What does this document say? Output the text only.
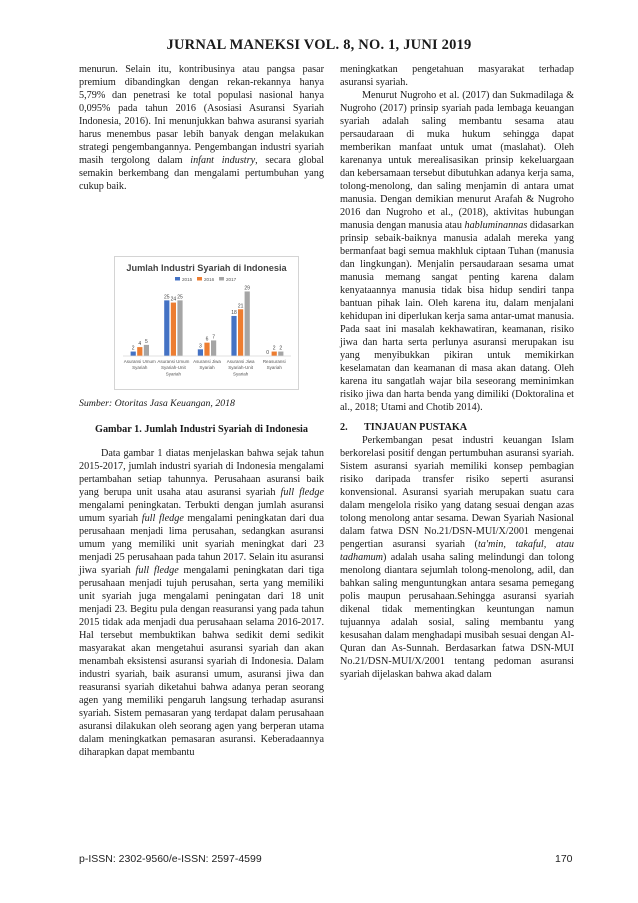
JURNAL MANEKSI VOL. 8, NO. 1, JUNI 2019

menurun. Selain itu, kontribusinya atau pangsa pasar premium dibandingkan dengan rekan-rekannya hanya 5,79% dan penetrasi ke total populasi nasional hanya 0,095% pada tahun 2016 (Asosiasi Asuransi Syariah Indonesia, 2016). Ini menunjukkan bahwa asuransi syariah harus menembus pasar lebih banyak dengan melakukan strategi pengembangannya. Pengembangan industri syariah masih tergolong dalam infant industry, secara global semakin berkembang dan mengalami pertumbuhan yang cukup baik.

Jumlah Industri Syariah di Indonesia
2015	2016	2017
2
4 5
25 24 25
3
6 7
18
21
29
0
2 2
Asuransi Umum
Syariah
Asuransi Umum
Syariah-Unit
Syariah
Asuransi Jiwa
Syariah
Asuransi Jiwa
Syariah-Unit
Syariah
Reasuransi
Syariah
Sumber: Otoritas Jasa Keuangan, 2018
Gambar 1. Jumlah Industri Syariah di Indonesia

Data gambar 1 diatas menjelaskan bahwa sejak tahun 2015-2017, jumlah industri syariah di Indonesia mengalami pertambahan setiap tahunnya. Perusahaan asuransi baik yang berupa unit usaha atau asuransi syariah full fledge mengalami peningkatan. Terbukti dengan jumlah asuransi umum syariah full fledge mengalami peningkatan dari dua perusahaan menjadi lima perusahan, sedangkan asuransi umum yang memiliki unit syariah meningkat dari 23 menjadi 25 perusahaan pada tahun 2017. Selain itu asuransi jiwa syariah full fledge mengalami peningkatan dari tiga perusahaan menjadi tujuh perusahan, serta yang memiliki unit syariah juga mengalami peningatan dari 18 unit menjadi 23. Begitu pula dengan reasuransi yang pada tahun 2015 tidak ada menjadi dua perusahaan selama 2016-2017. Hal tersebut membuktikan bahwa sedikit demi sedikit masyarakat akan mengetahui asuransi syariah dan akan menambah eksistensi asuransi syariah di Indonesia. Dalam industri syariah, baik asuransi umum, asuransi jiwa dan reasuransi syariah diketahui bahwa adanya peran seorang agen yang memiliki pengaruh langsung terhadap asuransi syariah. Sistem pemasaran yang terdapat dalam perusahaan asuransi dilakukan oleh seorang agen yang berperan utama dalam meningkatkan pemasaran asuransi. Keberadaannya diharapkan dapat membantu

meningkatkan pengetahuan masyarakat terhadap asuransi syariah.

Menurut Nugroho et al. (2017) dan Sukmadilaga & Nugroho (2017) prinsip syariah pada lembaga keuangan syariah adalah saling membantu sesama atau persaudaraan di muka hukum sehingga dapat memberikan manfaat untuk umat (maslahat). Oleh karenanya untuk merealisasikan prinsip kekeluargaan dan kebersamaan tersebut dibutuhkan adanya kerja sama, tolong-menolong, dan saling menjamin di antara umat manusia. Dengan demikian menurut Arafah & Nugroho 2016 dan Nugroho et al., (2018), aktivitas hubungan manusia dengan manusia atau habluminannas didasarkan prinsip sebaik-baiknya manusia adalah mereka yang bermanfaat bagi semua makhluk ciptaan Tuhan (manusia dan lingkungan). Menjalin persaudaraan sesama umat manusia memang sangat penting karena dalam kenyataannya manusia tidak bisa hidup sendiri tanpa bantuan pihak lain. Oleh karena itu, dalam menjalani kehidupan ini diperlukan kerja sama antar-umat manusia. Pada saat ini masalah kekhawatiran, keamanan, risiko jiwa dan harta serta perlunya asuransi merupakan isu yang menyibukkan pikiran untuk memikirkan keselamatan dan keamanan di masa akan datang. Oleh karena itu sangatlah wajar bila seseorang meminimkan risiko jiwa dan harta benda yang dimiliki (Doktoralina et al., 2018; Utami and Chotib 2014).

2. TINJAUAN PUSTAKA

Perkembangan pesat industri keuangan Islam berkorelasi positif dengan pertumbuhan asuransi syariah. Sistem asuransi syariah memiliki konsep pembagian risiko daripada transfer risiko seperti asuransi konvensional. Asuransi syariah merupakan suatu cara dalam mengelola risiko yang datang sesuai dengan azas tolong menolong antar sesama. Dewan Syariah Nasional dalam fatwa DSN No.21/DSN-MUI/X/2001 mengenai pengertian asuransi syariah (ta'min, takaful, atau tadhamum) adalah usaha saling melindungi dan tolong menolong diantara sejumlah tolong-menolong, adil, dan bahkan saling menguntungkan antara sesama pemegang polis maupun perusahaan.Sehingga asuransi syariah dikenal tidak mementingkan keuntungan namun tujuannya adalah sosial, saling membantu yang kesusahan dalam menghadapi musibah sesuai dengan Al-Quran dan As-Sunnah. Berdasarkan fatwa DSN-MUI No.21/DSN-MUI/X/2001 tentang pedoman asuransi syariah dijelaskan bahwa akad dalam

p-ISSN: 2302-9560/e-ISSN: 2597-4599	170
